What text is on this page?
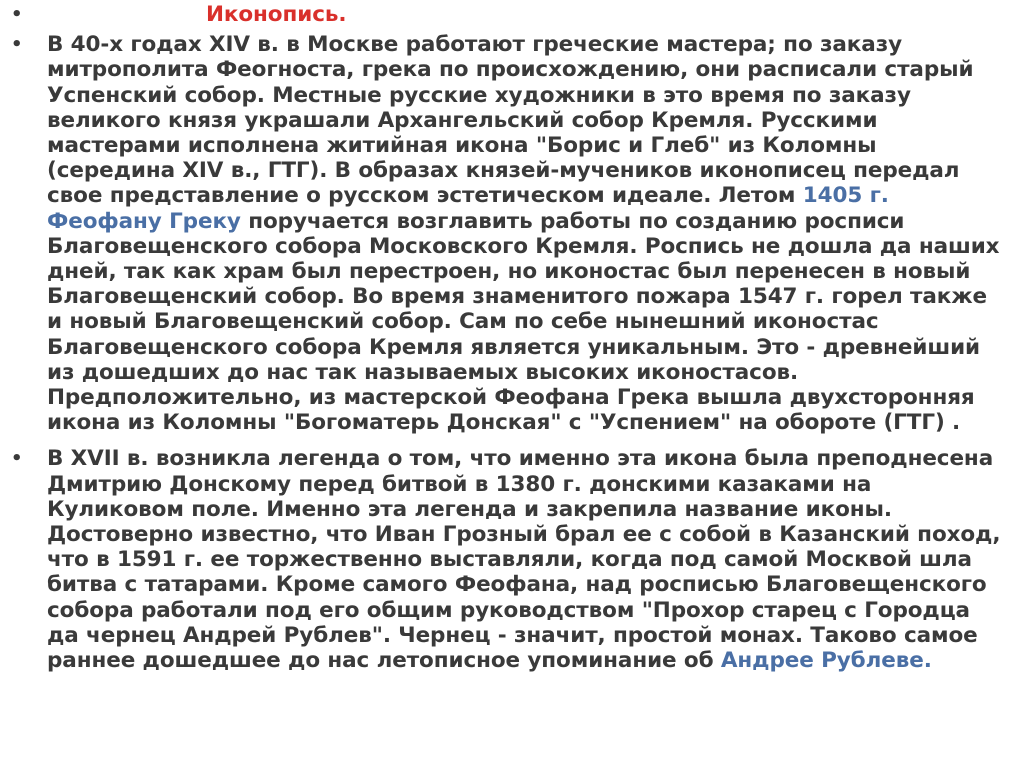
•	Иконопись.
• В 40-х годах XIV в. в Москве работают греческие мастера; по заказу митрополита Феогноста, грека по происхождению, они расписали старый Успенский собор. Местные русские художники в это время по заказу великого князя украшали Архангельский собор Кремля. Русскими мастерами исполнена житийная икона "Борис и Глеб" из Коломны (середина XIV в., ГТГ). В образах князей-мучеников иконописец передал свое представление о русском эстетическом идеале. Летом 1405 г. Феофану Греку поручается возглавить работы по созданию росписи Благовещенского собора Московского Кремля. Роспись не дошла да наших дней, так как храм был перестроен, но иконостас был перенесен в новый Благовещенский собор. Во время знаменитого пожара 1547 г. горел также и новый Благовещенский собор. Сам по себе нынешний иконостас Благовещенского собора Кремля является уникальным. Это - древнейший из дошедших до нас так называемых высоких иконостасов. Предположительно, из мастерской Феофана Грека вышла двухсторонняя икона из Коломны "Богоматерь Донская" с "Успением" на обороте (ГТГ) .
• В XVII в. возникла легенда о том, что именно эта икона была преподнесена Дмитрию Донскому перед битвой в 1380 г. донскими казаками на Куликовом поле. Именно эта легенда и закрепила название иконы. Достоверно известно, что Иван Грозный брал ее с собой в Казанский поход, что в 1591 г. ее торжественно выставляли, когда под самой Москвой шла битва с татарами. Кроме самого Феофана, над росписью Благовещенского собора работали под его общим руководством "Прохор старец с Городца да чернец Андрей Рублев". Чернец - значит, простой монах. Таково самое раннее дошедшее до нас летописное упоминание об Андрее Рублеве.
